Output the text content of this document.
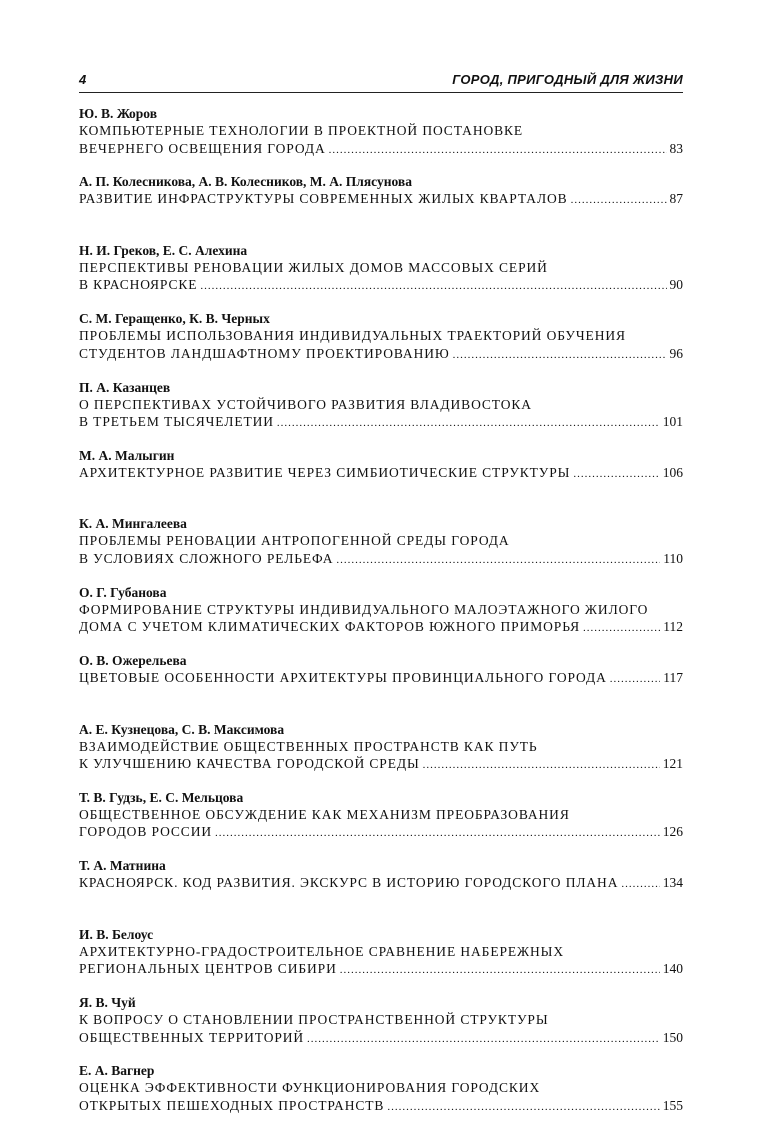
4	ГОРОД, ПРИГОДНЫЙ ДЛЯ ЖИЗНИ
Ю. В. Жоров
КОМПЬЮТЕРНЫЕ ТЕХНОЛОГИИ В ПРОЕКТНОЙ ПОСТАНОВКЕ
ВЕЧЕРНЕГО ОСВЕЩЕНИЯ ГОРОДА .....	83
А. П. Колесникова, А. В. Колесников, М. А. Плясунова
РАЗВИТИЕ ИНФРАСТРУКТУРЫ СОВРЕМЕННЫХ ЖИЛЫХ КВАРТАЛОВ .....	87
Н. И. Греков, Е. С. Алехина
ПЕРСПЕКТИВЫ РЕНОВАЦИИ ЖИЛЫХ ДОМОВ МАССОВЫХ СЕРИЙ
В КРАСНОЯРСКЕ .....	90
С. М. Геращенко, К. В. Черных
ПРОБЛЕМЫ ИСПОЛЬЗОВАНИЯ ИНДИВИДУАЛЬНЫХ ТРАЕКТОРИЙ ОБУЧЕНИЯ
СТУДЕНТОВ ЛАНДШАФТНОМУ ПРОЕКТИРОВАНИЮ .....	96
П. А. Казанцев
О ПЕРСПЕКТИВАХ УСТОЙЧИВОГО РАЗВИТИЯ ВЛАДИВОСТОКА
В ТРЕТЬЕМ ТЫСЯЧЕЛЕТИИ .....	101
М. А. Малыгин
АРХИТЕКТУРНОЕ РАЗВИТИЕ ЧЕРЕЗ СИМБИОТИЧЕСКИЕ СТРУКТУРЫ .....	106
К. А. Мингалеева
ПРОБЛЕМЫ РЕНОВАЦИИ АНТРОПОГЕННОЙ СРЕДЫ ГОРОДА
В УСЛОВИЯХ СЛОЖНОГО РЕЛЬЕФА .....	110
О. Г. Губанова
ФОРМИРОВАНИЕ СТРУКТУРЫ ИНДИВИДУАЛЬНОГО МАЛОЭТАЖНОГО ЖИЛОГО
ДОМА С УЧЕТОМ КЛИМАТИЧЕСКИХ ФАКТОРОВ ЮЖНОГО ПРИМОРЬЯ .....	112
О. В. Ожерельева
ЦВЕТОВЫЕ ОСОБЕННОСТИ АРХИТЕКТУРЫ ПРОВИНЦИАЛЬНОГО ГОРОДА .....	117
А. Е. Кузнецова, С. В. Максимова
ВЗАИМОДЕЙСТВИЕ ОБЩЕСТВЕННЫХ ПРОСТРАНСТВ КАК ПУТЬ
К УЛУЧШЕНИЮ КАЧЕСТВА ГОРОДСКОЙ СРЕДЫ .....	121
Т. В. Гудзь, Е. С. Мельцова
ОБЩЕСТВЕННОЕ ОБСУЖДЕНИЕ КАК МЕХАНИЗМ ПРЕОБРАЗОВАНИЯ
ГОРОДОВ РОССИИ .....	126
Т. А. Матнина
КРАСНОЯРСК. КОД РАЗВИТИЯ. ЭКСКУРС В ИСТОРИЮ ГОРОДСКОГО ПЛАНА .....	134
И. В. Белоус
АРХИТЕКТУРНО-ГРАДОСТРОИТЕЛЬНОЕ СРАВНЕНИЕ НАБЕРЕЖНЫХ
РЕГИОНАЛЬНЫХ ЦЕНТРОВ СИБИРИ .....	140
Я. В. Чуй
К ВОПРОСУ О СТАНОВЛЕНИИ ПРОСТРАНСТВЕННОЙ СТРУКТУРЫ
ОБЩЕСТВЕННЫХ ТЕРРИТОРИЙ .....	150
Е. А. Вагнер
ОЦЕНКА ЭФФЕКТИВНОСТИ ФУНКЦИОНИРОВАНИЯ ГОРОДСКИХ
ОТКРЫТЫХ ПЕШЕХОДНЫХ ПРОСТРАНСТВ .....	155
